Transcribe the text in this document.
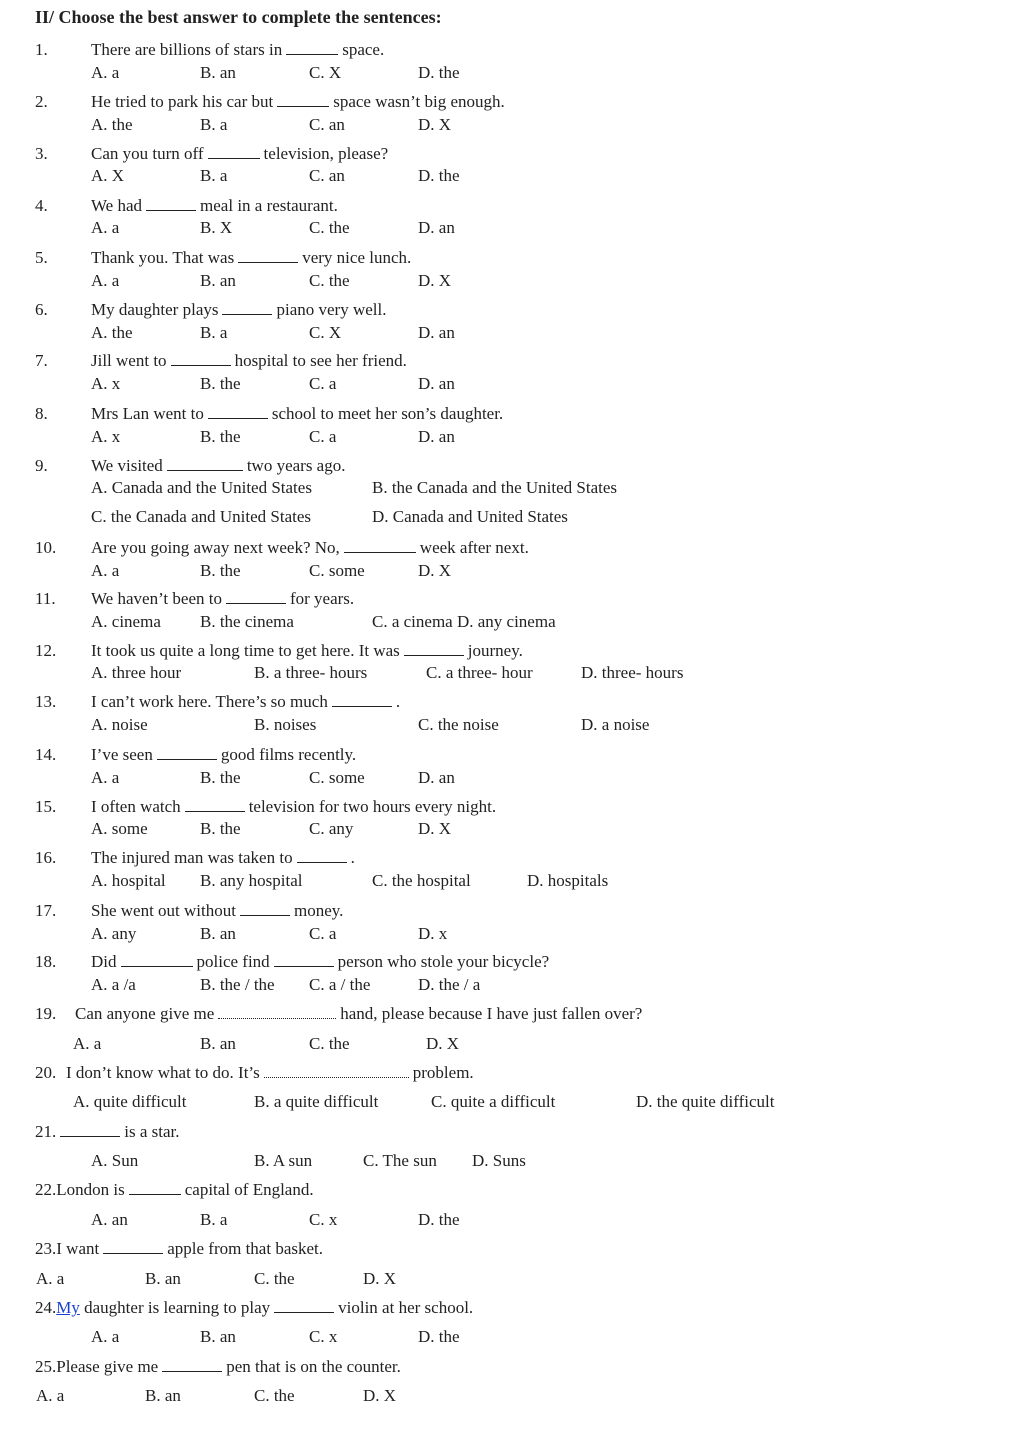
II/ Choose the best answer to complete the sentences:
1.	There are billions of stars in	space.
A. a	B. an	C. X	D. the
2.	He tried to park his car but	space wasn’t big enough.
A. the	B. a	C. an	D. X
3.	Can you turn off	television, please?
A. X	B. a	C. an	D. the
4.	We had	meal in a restaurant.
A. a	B. X	C. the	D. an
5.	Thank you. That was	very nice lunch.
A. a	B. an	C. the	D. X
6.	My daughter plays	piano very well.
A. the	B. a	C. X	D. an
7.	Jill went to	hospital to see her friend.
A. x	B. the	C. a	D. an
8.	Mrs Lan went to	school to meet her son’s daughter.
A. x	B. the	C. a	D. an
9.	We visited	two years ago.
A. Canada and the United States	B. the Canada and the United States
C. the Canada and United States	D. Canada and United States
10. Are you going away next week? No,	week after next.
A. a	B. the	C. some	D. X
11. We haven’t been to	for years.
A. cinema B. the cinema	C. a cinema D. any cinema
12. It took us quite a long time to get here. It was	journey.
A. three hour	B. a three- hours	C. a three- hour	D. three- hours
13. I can’t work here. There’s so much	.
A. noise	B. noises	C. the noise	D. a noise
14. I’ve seen	good films recently.
A. a	B. the	C. some	D. an
15. I often watch	television for two hours every night.
A. some	B. the	C. any	D. X
16. The injured man was taken to	.
A. hospital B. any hospital	C. the hospital	D. hospitals
17. She went out without	money.
A. any	B. an	C. a	D. x
18. Did	police find	person who stole your bicycle?
A. a /a	B. the / the C. a / the	D. the / a
19. Can anyone give me	hand, please because I have just fallen over?
A. a	B. an	C. the	D. X
20. I don’t know what to do. It’s	problem.
A. quite difficult	B. a quite difficult	C. quite a difficult	D. the quite difficult
21.	is a star.
A. Sun	B. A sun	C. The sun D. Suns
22.London is	capital of England.
A. an	B. a	C. x	D. the
23.I want	apple from that basket.
A. a	B. an	C. the	D. X
24.My daughter is learning to play	violin at her school.
A. a	B. an	C. x	D. the
25.Please give me	pen that is on the counter.
A. a	B. an	C. the	D. X
